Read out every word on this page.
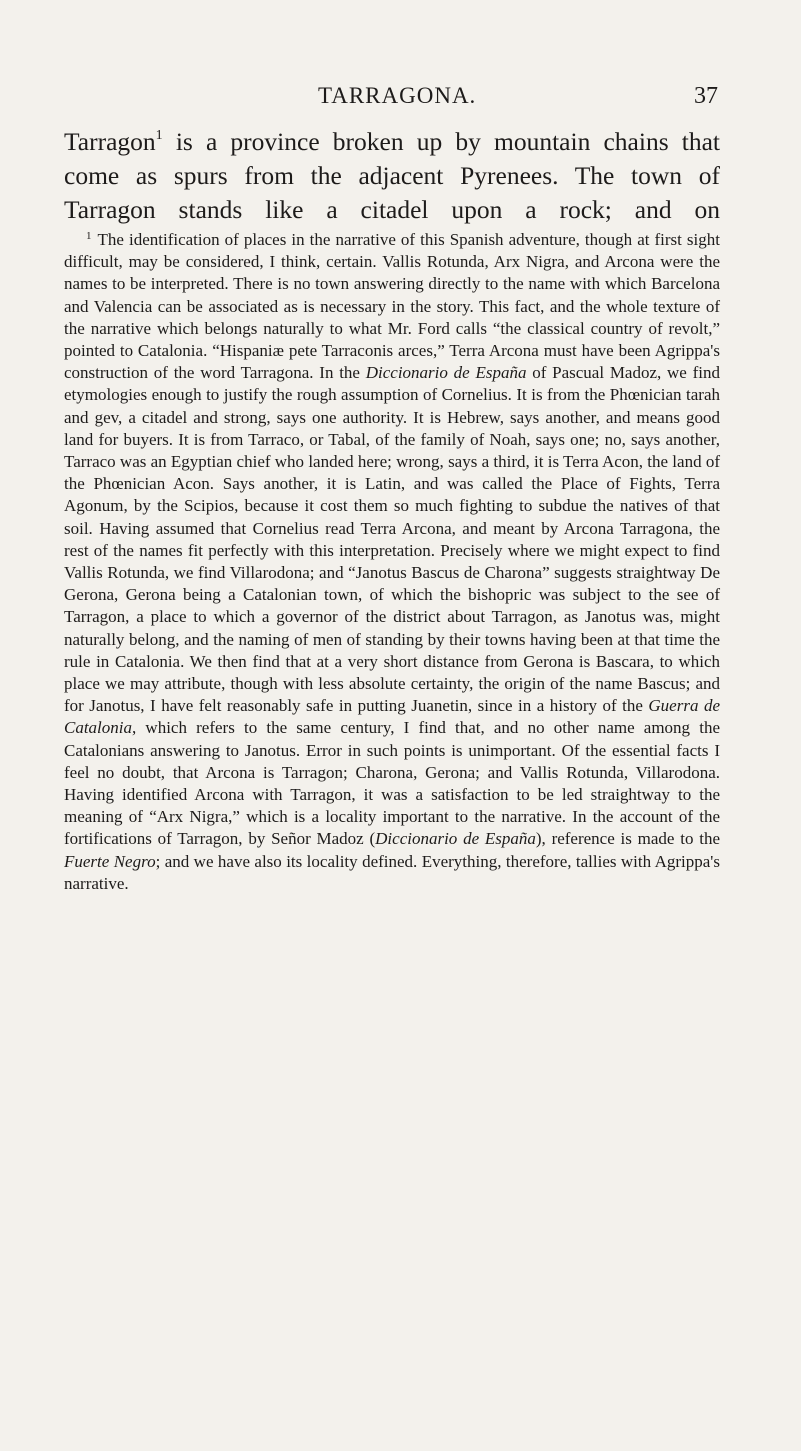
TARRAGONA.	37

Tarragon$^1$ is a province broken up by mountain chains that come as spurs from the adjacent Pyrenees. The town of Tarragon stands like a citadel upon a rock; and on

$^1$ The identification of places in the narrative of this Spanish adventure, though at first sight difficult, may be considered, I think, certain. Vallis Rotunda, Arx Nigra, and Arcona were the names to be interpreted. There is no town answering directly to the name with which Barcelona and Valencia can be associated as is necessary in the story. This fact, and the whole texture of the narrative which belongs naturally to what Mr. Ford calls “the classical country of revolt,” pointed to Catalonia. “Hispaniæ pete Tarraconis arces,” Terra Arcona must have been Agrippa's construction of the word Tarragona. In the Diccionario de España of Pascual Madoz, we find etymologies enough to justify the rough assumption of Cornelius. It is from the Phœnician tarah and gev, a citadel and strong, says one authority. It is Hebrew, says another, and means good land for buyers. It is from Tarraco, or Tabal, of the family of Noah, says one; no, says another, Tarraco was an Egyptian chief who landed here; wrong, says a third, it is Terra Acon, the land of the Phœnician Acon. Says another, it is Latin, and was called the Place of Fights, Terra Agonum, by the Scipios, because it cost them so much fighting to subdue the natives of that soil. Having assumed that Cornelius read Terra Arcona, and meant by Arcona Tarragona, the rest of the names fit perfectly with this interpretation. Precisely where we might expect to find Vallis Rotunda, we find Villarodona; and “Janotus Bascus de Charona” suggests straightway De Gerona, Gerona being a Catalonian town, of which the bishopric was subject to the see of Tarragon, a place to which a governor of the district about Tarragon, as Janotus was, might naturally belong, and the naming of men of standing by their towns having been at that time the rule in Catalonia. We then find that at a very short distance from Gerona is Bascara, to which place we may attribute, though with less absolute certainty, the origin of the name Bascus; and for Janotus, I have felt reasonably safe in putting Juanetin, since in a history of the Guerra de Catalonia, which refers to the same century, I find that, and no other name among the Catalonians answering to Janotus. Error in such points is unimportant. Of the essential facts I feel no doubt, that Arcona is Tarragon; Charona, Gerona; and Vallis Rotunda, Villarodona. Having identified Arcona with Tarragon, it was a satisfaction to be led straightway to the meaning of “Arx Nigra,” which is a locality important to the narrative. In the account of the fortifications of Tarragon, by Señor Madoz (Diccionario de España), reference is made to the Fuerte Negro; and we have also its locality defined. Everything, therefore, tallies with Agrippa's narrative.
